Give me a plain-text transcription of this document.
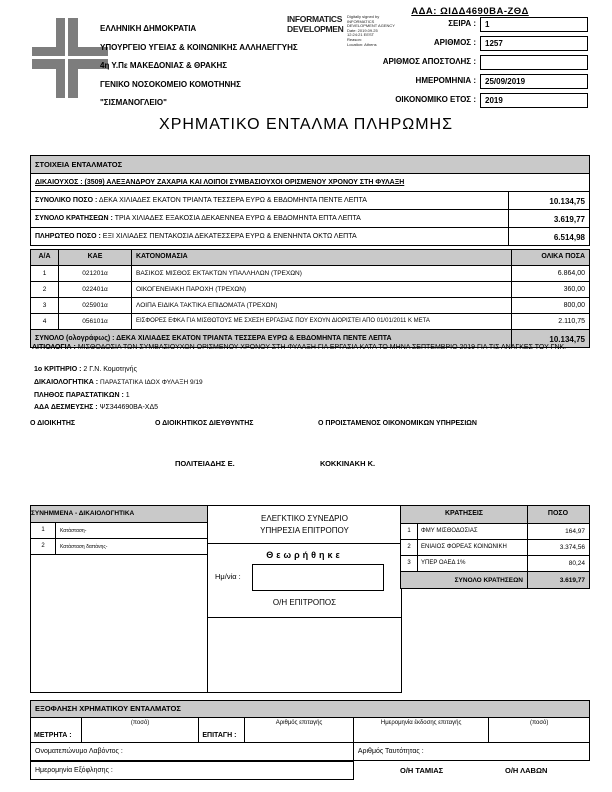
ΕΛΛΗΝΙΚΗ ΔΗΜΟΚΡΑΤΙΑ
ΥΠΟΥΡΓΕΙΟ ΥΓΕΙΑΣ & ΚΟΙΝΩΝΙΚΗΣ ΑΛΛΗΛΕΓΓΥΗΣ
4η Υ.Πε ΜΑΚΕΔΟΝΙΑΣ & ΘΡΑΚΗΣ
ΓΕΝΙΚΟ ΝΟΣΟΚΟΜΕΙΟ ΚΟΜΟΤΗΝΗΣ
"ΣΙΣΜΑΝΟΓΛΕΙΟ"
INFORMATICS
DEVELOPMEN
Digitally signed by
INFORMATICS
DEVELOPMENT AGENCY
Date: 2019.09.25
12:24:21 EEST
Reason:
Location: Athens
ΑΔΑ: ΩΙΔΔ4690ΒΑ-ΖΘΔ
ΣΕΙΡΑ :	1
ΑΡΙΘΜΟΣ :	1257
ΑΡΙΘΜΟΣ ΑΠΟΣΤΟΛΗΣ :
ΗΜΕΡΟΜΗΝΙΑ :	25/09/2019
ΟΙΚΟΝΟΜΙΚΟ ΕΤΟΣ :	2019
ΧΡΗΜΑΤΙΚΟ ΕΝΤΑΛΜΑ ΠΛΗΡΩΜΗΣ
ΣΤΟΙΧΕΙΑ ΕΝΤΑΛΜΑΤΟΣ
ΔΙΚΑΙΟΥΧΟΣ :
(3509) ΑΛΕΞΑΝΔΡΟΥ ΖΑΧΑΡΙΑ ΚΑΙ ΛΟΙΠΟΙ ΣΥΜΒΑΣΙΟΥΧΟΙ ΟΡΙΣΜΕΝΟΥ ΧΡΟΝΟΥ ΣΤΗ ΦΥΛΑΞΗ
ΣΥΝΟΛΙΚΟ ΠΟΣΟ : ΔΕΚΑ ΧΙΛΙΑΔΕΣ ΕΚΑΤΟΝ ΤΡΙΑΝΤΑ ΤΕΣΣΕΡΑ ΕΥΡΩ & ΕΒΔΟΜΗΝΤΑ ΠΕΝΤΕ ΛΕΠΤΑ	10.134,75
ΣΥΝΟΛΟ ΚΡΑΤΗΣΕΩΝ : ΤΡΙΑ ΧΙΛΙΑΔΕΣ ΕΞΑΚΟΣΙΑ ΔΕΚΑΕΝΝΕΑ ΕΥΡΩ & ΕΒΔΟΜΗΝΤΑ ΕΠΤΑ ΛΕΠΤΑ	3.619,77
ΠΛΗΡΩΤΕΟ ΠΟΣΟ : ΕΞΙ ΧΙΛΙΑΔΕΣ ΠΕΝΤΑΚΟΣΙΑ ΔΕΚΑΤΕΣΣΕΡΑ ΕΥΡΩ & ΕΝΕΝΗΝΤΑ ΟΚΤΩ ΛΕΠΤΑ	6.514,98
Α/Α	ΚΑΕ	ΚΑΤΟΝΟΜΑΣΙΑ	ΟΛΙΚΑ ΠΟΣΑ
1	021201α	ΒΑΣΙΚΟΣ ΜΙΣΘΟΣ ΕΚΤΑΚΤΩΝ ΥΠΑΛΛΗΛΩΝ (ΤΡΕΧΩΝ)	6.864,00
2	022401α	ΟΙΚΟΓΕΝΕΙΑΚΗ ΠΑΡΟΧΗ (ΤΡΕΧΩΝ)	360,00
3	025901α	ΛΟΙΠΑ ΕΙΔΙΚΑ ΤΑΚΤΙΚΑ ΕΠΙΔΟΜΑΤΑ (ΤΡΕΧΩΝ)	800,00
4	056101α	ΕΙΣΦΟΡΕΣ ΕΦΚΑ ΓΙΑ ΜΙΣΘΩΤΟΥΣ ΜΕ ΣΧΕΣΗ ΕΡΓΑΣΙΑΣ ΠΟΥ ΕΧΟΥΝ ΔΙΟΡΙΣΤΕΙ ΑΠΟ 01/01/2011 Κ ΜΕΤΑ	2.110,75
ΣΥΝΟΛΟ (ολογράφως) : ΔΕΚΑ ΧΙΛΙΑΔΕΣ ΕΚΑΤΟΝ ΤΡΙΑΝΤΑ ΤΕΣΣΕΡΑ ΕΥΡΩ & ΕΒΔΟΜΗΝΤΑ ΠΕΝΤΕ ΛΕΠΤΑ	10.134,75
ΑΙΤΙΟΛΟΓΙΑ : ΜΙΣΘΟΔΟΣΙΑ ΤΩΝ ΣΥΜΒΑΣΙΟΥΧΩΝ ΟΡΙΣΜΕΝΟΥ ΧΡΟΝΟΥ ΣΤΗ ΦΥΛΑΞΗ ΓΙΑ ΕΡΓΑΣΙΑ ΚΑΤΑ ΤΟ ΜΗΝΑ ΣΕΠΤΕΜΒΡΙΟ 2019 ΓΙΑ ΤΙΣ ΑΝΑΓΚΕΣ ΤΟΥ ΓΝΚ.
1ο ΚΡΙΤΗΡΙΟ : 2 Γ.Ν. Κομοτηνής
ΔΙΚΑΙΟΛΟΓΗΤΙΚΑ : ΠΑΡΑΣΤΑΤΙΚΑ ΙΔΟΧ ΦΥΛΑΞΗ 9/19
ΠΛΗΘΟΣ ΠΑΡΑΣΤΑΤΙΚΩΝ : 1
ΑΔΑ ΔΕΣΜΕΥΣΗΣ : ΨΣ344690ΒΑ-ΧΔ5
Ο ΔΙΟΙΚΗΤΗΣ	Ο ΔΙΟΙΚΗΤΙΚΟΣ ΔΙΕΥΘΥΝΤΗΣ	Ο ΠΡΟΙΣΤΑΜΕΝΟΣ ΟΙΚΟΝΟΜΙΚΩΝ ΥΠΗΡΕΣΙΩΝ
ΠΟΛΙΤΕΙΑΔΗΣ Ε.	ΚΟΚΚΙΝΑΚΗ Κ.
ΣΥΝΗΜΜΕΝΑ - ΔΙΚΑΙΟΛΟΓΗΤΙΚΑ
1	Κατάσταση-
2	Κατάσταση δαπάνης-
ΕΛΕΓΚΤΙΚΟ ΣΥΝΕΔΡΙΟ
ΥΠΗΡΕΣΙΑ ΕΠΙΤΡΟΠΟΥ
Θεωρήθηκε
Ημ/νία :
Ο/Η ΕΠΙΤΡΟΠΟΣ
ΚΡΑΤΗΣΕΙΣ	ΠΟΣΟ
1	ΦΜΥ ΜΙΣΘΟΔΟΣΙΑΣ	164,97
2	ΕΝΙΑΙΟΣ ΦΟΡΕΑΣ ΚΟΙΝΩΝΙΚΗ	3.374,56
3	ΥΠΕΡ ΟΑΕΔ 1%	80,24
ΣΥΝΟΛΟ ΚΡΑΤΗΣΕΩΝ	3.619,77
ΕΞΟΦΛΗΣΗ ΧΡΗΜΑΤΙΚΟΥ ΕΝΤΑΛΜΑΤΟΣ
ΜΕΤΡΗΤΑ :
(ποσό)
ΕΠΙΤΑΓΗ :
Αριθμός επιταγής	Ημερομηνία έκδοσης επιταγής	(ποσό)
Ονοματεπώνυμο Λαβόντος :	Αριθμός Ταυτότητας :
Ημερομηνία Εξόφλησης :	Ο/Η ΤΑΜΙΑΣ	Ο/Η ΛΑΒΩΝ
